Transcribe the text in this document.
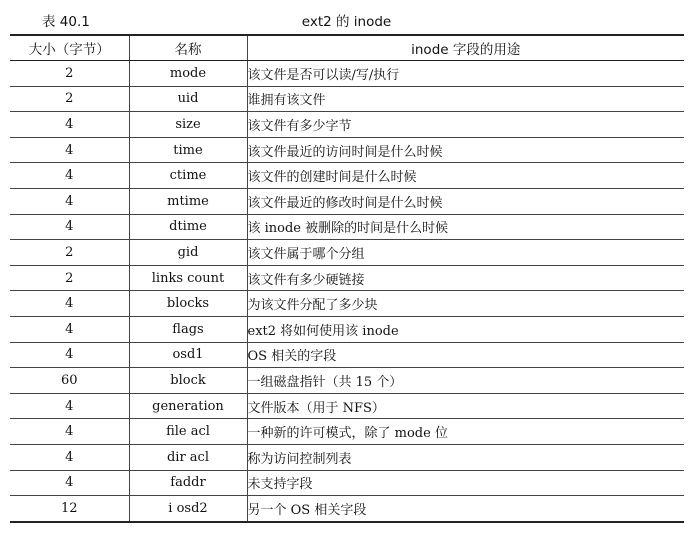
表 40.1	ext2 的 inode
大小（字节）	名称	inode 字段的用途
2	mode	该文件是否可以读/写/执行
2	uid	谁拥有该文件
4	size	该文件有多少字节
4	time	该文件最近的访问时间是什么时候
4	ctime	该文件的创建时间是什么时候
4	mtime	该文件最近的修改时间是什么时候
4	dtime	该 inode 被删除的时间是什么时候
2	gid	该文件属于哪个分组
2	links count	该文件有多少硬链接
4	blocks	为该文件分配了多少块
4	flags	ext2 将如何使用该 inode
4	osd1	OS 相关的字段
60	block	一组磁盘指针（共 15 个）
4	generation	文件版本（用于 NFS）
4	file acl	一种新的许可模式，除了 mode 位
4	dir acl	称为访问控制列表
4	faddr	未支持字段
12	i osd2	另一个 OS 相关字段
